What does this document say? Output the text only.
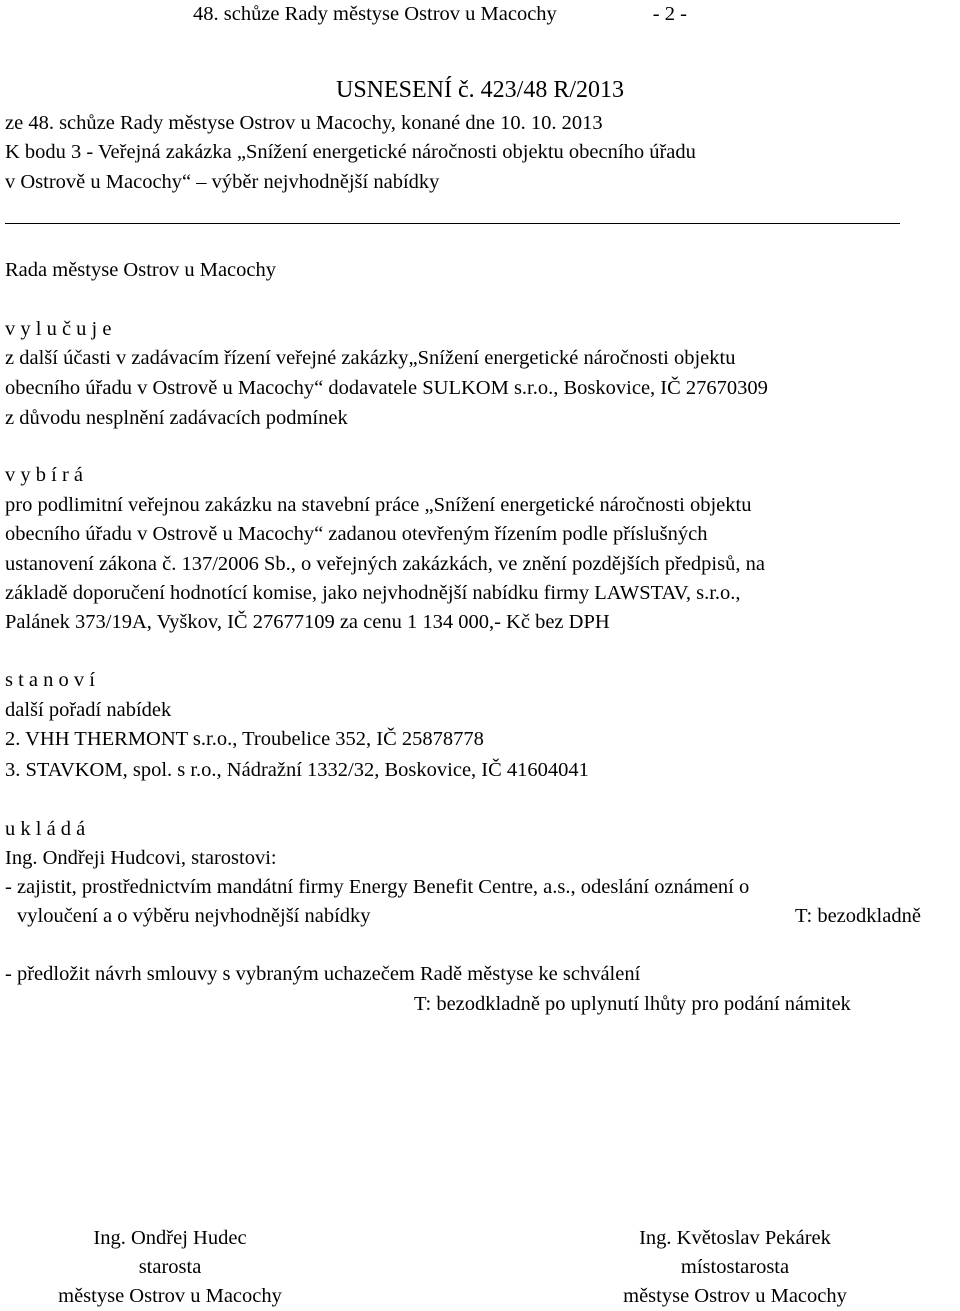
48. schůze Rady městyse Ostrov u Macochy	- 2 -
USNESENÍ č. 423/48 R/2013
ze 48. schůze Rady městyse Ostrov u Macochy, konané dne 10. 10. 2013
K bodu 3 - Veřejná zakázka „Snížení energetické náročnosti objektu obecního úřadu
v Ostrově u Macochy“ – výběr nejvhodnější nabídky
Rada městyse Ostrov u Macochy
v y l u č u j e
z další účasti v zadávacím řízení veřejné zakázky„Snížení energetické náročnosti objektu
obecního úřadu v Ostrově u Macochy“ dodavatele SULKOM s.r.o., Boskovice, IČ 27670309
z důvodu nesplnění zadávacích podmínek
v y b í r á
pro podlimitní veřejnou zakázku na stavební práce „Snížení energetické náročnosti objektu
obecního úřadu v Ostrově u Macochy“ zadanou otevřeným řízením podle příslušných
ustanovení zákona č. 137/2006 Sb., o veřejných zakázkách, ve znění pozdějších předpisů, na
základě doporučení hodnotící komise, jako nejvhodnější nabídku firmy LAWSTAV, s.r.o.,
Palánek 373/19A, Vyškov, IČ 27677109 za cenu 1 134 000,- Kč bez DPH
s t a n o v í
další pořadí nabídek
2. VHH THERMONT s.r.o., Troubelice 352, IČ 25878778
3. STAVKOM, spol. s r.o., Nádražní 1332/32, Boskovice, IČ 41604041
u k l á d á
Ing. Ondřeji Hudcovi, starostovi:
- zajistit, prostřednictvím mandátní firmy Energy Benefit Centre, a.s., odeslání oznámení o
vyloučení a o výběru nejvhodnější nabídky	T: bezodkladně
- předložit návrh smlouvy s vybraným uchazečem Radě městyse ke schválení
T: bezodkladně po uplynutí lhůty pro podání námitek
Ing. Ondřej Hudec
starosta
městyse Ostrov u Macochy
Ing. Květoslav Pekárek
místostarosta
městyse Ostrov u Macochy
